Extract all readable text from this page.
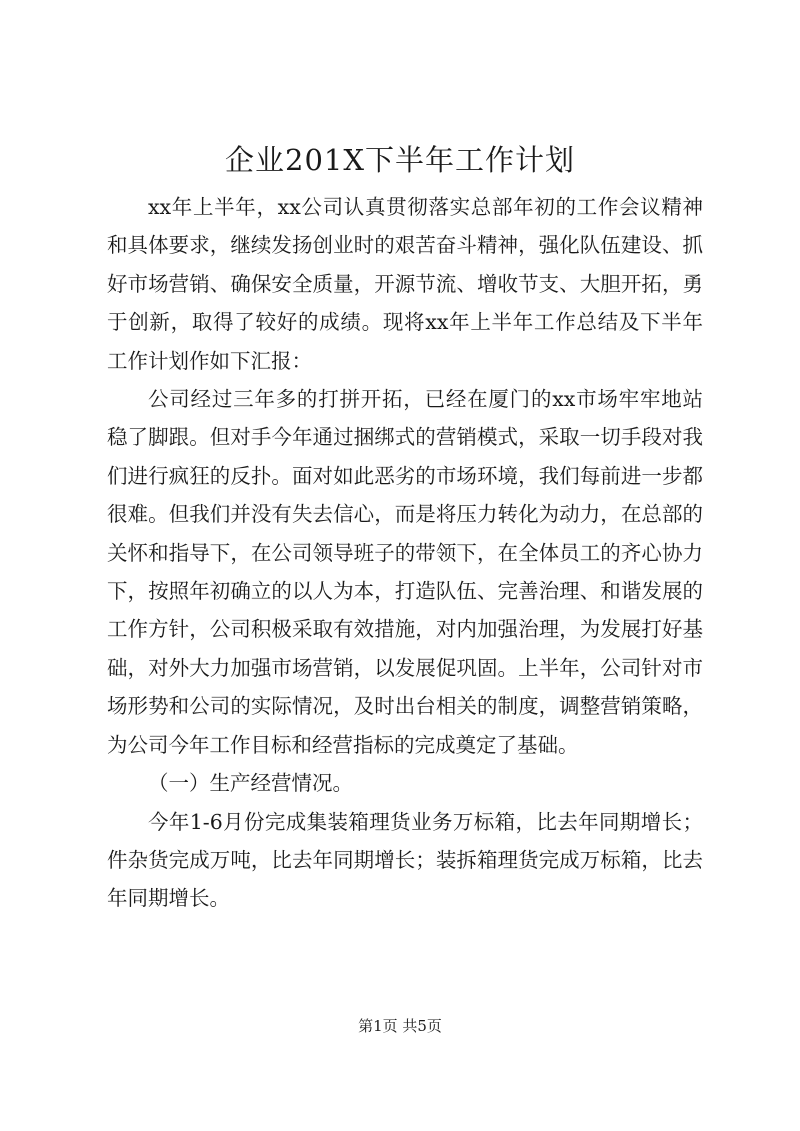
企业201X下半年工作计划

xx年上半年，xx公司认真贯彻落实总部年初的工作会议精神和具体要求，继续发扬创业时的艰苦奋斗精神，强化队伍建设、抓好市场营销、确保安全质量，开源节流、增收节支、大胆开拓，勇于创新，取得了较好的成绩。现将xx年上半年工作总结及下半年工作计划作如下汇报：

公司经过三年多的打拼开拓，已经在厦门的xx市场牢牢地站稳了脚跟。但对手今年通过捆绑式的营销模式，采取一切手段对我们进行疯狂的反扑。面对如此恶劣的市场环境，我们每前进一步都很难。但我们并没有失去信心，而是将压力转化为动力，在总部的关怀和指导下，在公司领导班子的带领下，在全体员工的齐心协力下，按照年初确立的以人为本，打造队伍、完善治理、和谐发展的工作方针，公司积极采取有效措施，对内加强治理，为发展打好基础，对外大力加强市场营销，以发展促巩固。上半年，公司针对市场形势和公司的实际情况，及时出台相关的制度，调整营销策略，为公司今年工作目标和经营指标的完成奠定了基础。

（一）生产经营情况。

今年1-6月份完成集装箱理货业务万标箱，比去年同期增长；件杂货完成万吨，比去年同期增长；装拆箱理货完成万标箱，比去年同期增长。

第1页 共5页
